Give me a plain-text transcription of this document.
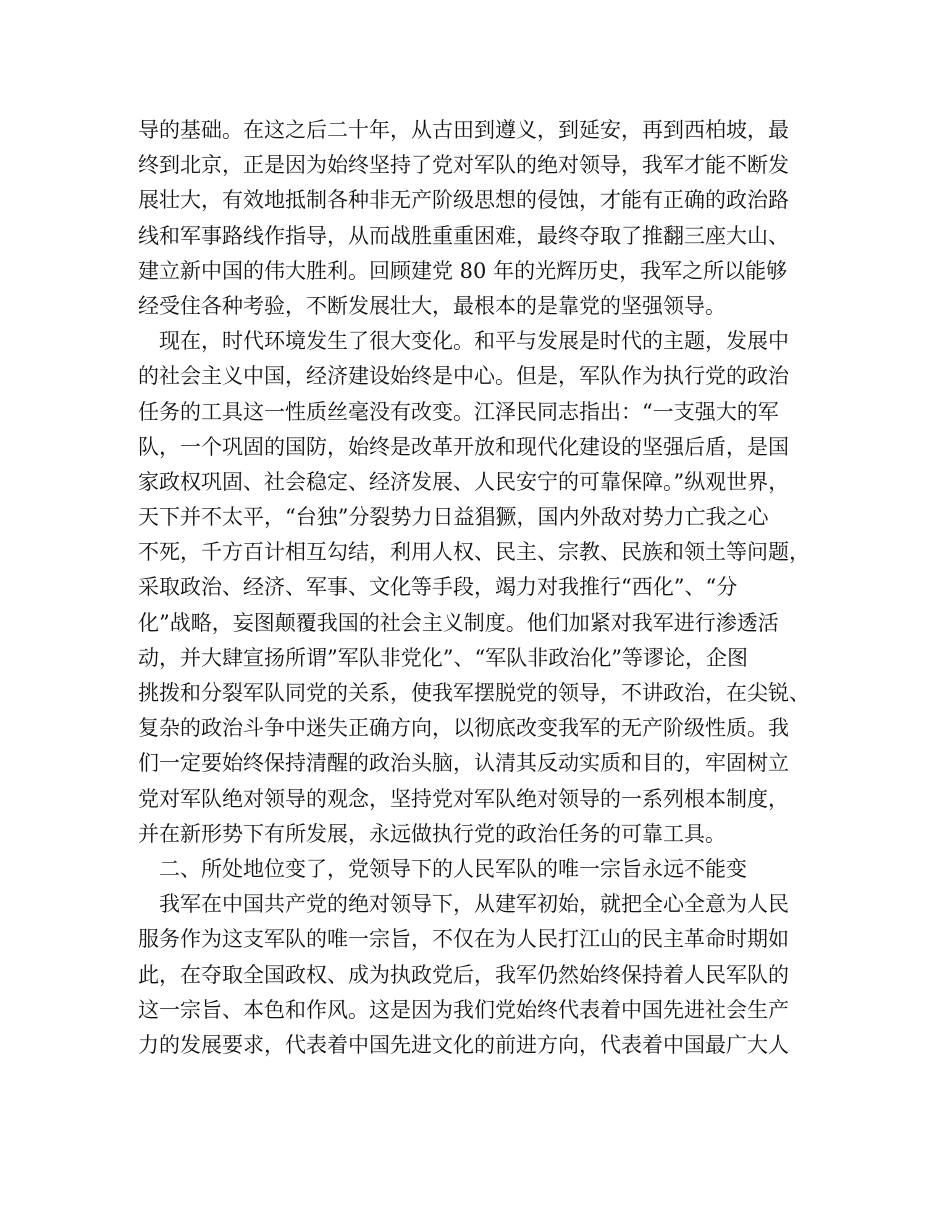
导的基础。在这之后二十年，从古田到遵义，到延安，再到西柏坡，最
终到北京，正是因为始终坚持了党对军队的绝对领导，我军才能不断发
展壮大，有效地抵制各种非无产阶级思想的侵蚀，才能有正确的政治路
线和军事路线作指导，从而战胜重重困难，最终夺取了推翻三座大山、
建立新中国的伟大胜利。回顾建党 80 年的光辉历史，我军之所以能够
经受住各种考验，不断发展壮大，最根本的是靠党的坚强领导。
现在，时代环境发生了很大变化。和平与发展是时代的主题，发展中
的社会主义中国，经济建设始终是中心。但是，军队作为执行党的政治
任务的工具这一性质丝毫没有改变。江泽民同志指出：“一支强大的军
队，一个巩固的国防，始终是改革开放和现代化建设的坚强后盾，是国
家政权巩固、社会稳定、经济发展、人民安宁的可靠保障。”纵观世界，
天下并不太平，“台独”分裂势力日益猖獗，国内外敌对势力亡我之心
不死，千方百计相互勾结，利用人权、民主、宗教、民族和领土等问题，
采取政治、经济、军事、文化等手段，竭力对我推行“西化”、“分
化”战略，妄图颠覆我国的社会主义制度。他们加紧对我军进行渗透活
动，并大肆宣扬所谓”军队非党化”、“军队非政治化”等谬论，企图
挑拨和分裂军队同党的关系，使我军摆脱党的领导，不讲政治，在尖锐、
复杂的政治斗争中迷失正确方向，以彻底改变我军的无产阶级性质。我
们一定要始终保持清醒的政治头脑，认清其反动实质和目的，牢固树立
党对军队绝对领导的观念，坚持党对军队绝对领导的一系列根本制度，
并在新形势下有所发展，永远做执行党的政治任务的可靠工具。
二、所处地位变了，党领导下的人民军队的唯一宗旨永远不能变
我军在中国共产党的绝对领导下，从建军初始，就把全心全意为人民
服务作为这支军队的唯一宗旨，不仅在为人民打江山的民主革命时期如
此，在夺取全国政权、成为执政党后，我军仍然始终保持着人民军队的
这一宗旨、本色和作风。这是因为我们党始终代表着中国先进社会生产
力的发展要求，代表着中国先进文化的前进方向，代表着中国最广大人
